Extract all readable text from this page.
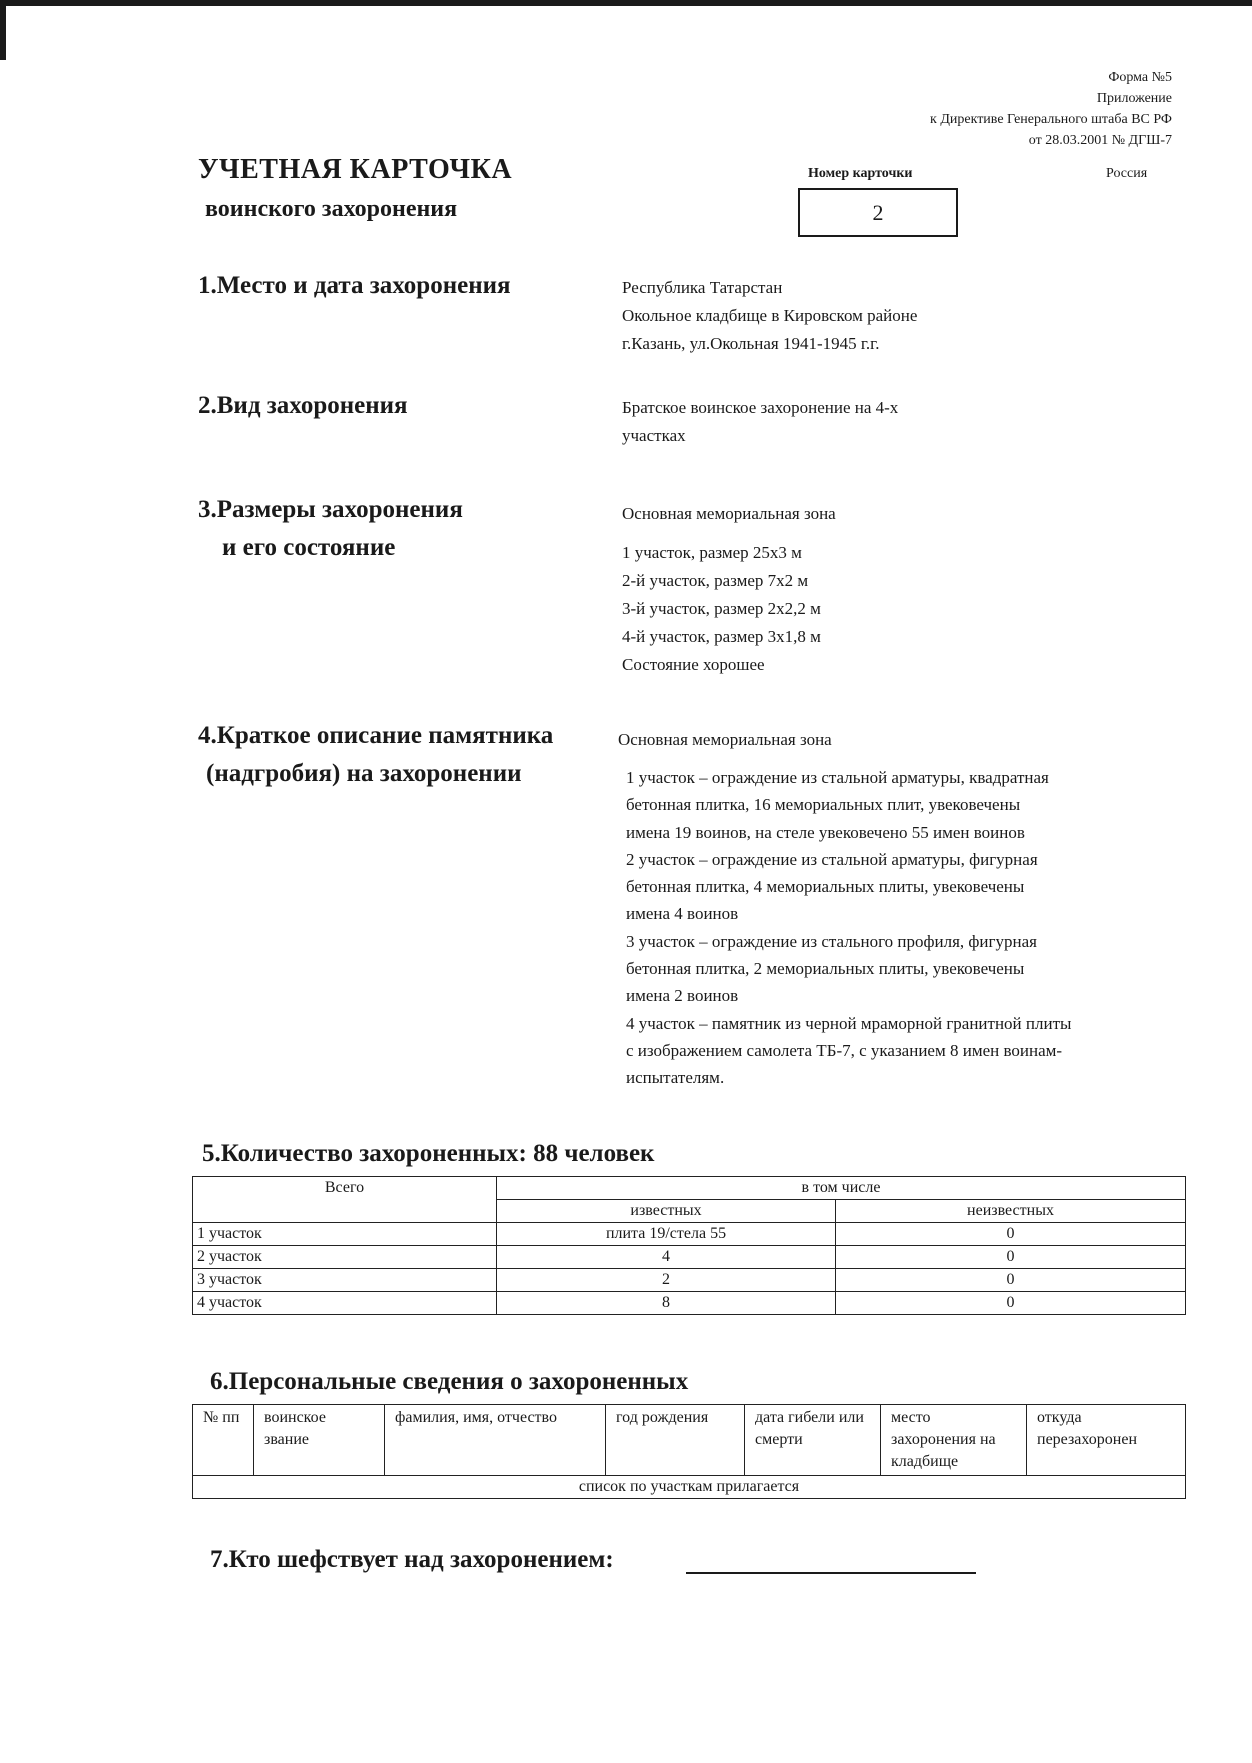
Форма №5
Приложение
к Директиве Генерального штаба ВС РФ
от 28.03.2001 № ДГШ-7
УЧЕТНАЯ КАРТОЧКА
воинского захоронения
Номер карточки
2
Россия
1.Место и дата захоронения	Республика Татарстан
Окольное кладбище в Кировском районе
г.Казань, ул.Окольная 1941-1945 г.г.
2.Вид захоронения	Братское воинское захоронение на 4-х
участках
3.Размеры захоронения
и его состояние
Основная мемориальная зона
1 участок, размер 25х3 м
2-й участок, размер 7х2 м
3-й участок, размер 2х2,2 м
4-й участок, размер 3х1,8 м
Состояние хорошее
4.Краткое описание памятника
(надгробия) на захоронении
Основная мемориальная зона
1 участок – ограждение из стальной арматуры, квадратная
бетонная плитка, 16 мемориальных плит, увековечены
имена 19 воинов, на стеле увековечено 55 имен воинов
2 участок – ограждение из стальной арматуры, фигурная
бетонная плитка, 4 мемориальных плиты, увековечены
имена 4 воинов
3 участок – ограждение из стального профиля, фигурная
бетонная плитка, 2 мемориальных плиты, увековечены
имена 2 воинов
4 участок – памятник из черной мраморной гранитной плиты
с изображением самолета ТБ-7, с указанием 8 имен воинам-
испытателям.
5.Количество захороненных: 88 человек
Всего	в том числе	
	известных	неизвестных
1 участок	плита 19/стела 55	0
2 участок	4	0
3 участок	2	0
4 участок	8	0
6.Персональные сведения о захороненных
№ пп	воинское звание	фамилия, имя, отчество	год рождения	дата гибели или смерти	место захоронения на кладбище	откуда перезахоронен
список по участкам прилагается
7.Кто шефствует над захоронением:
